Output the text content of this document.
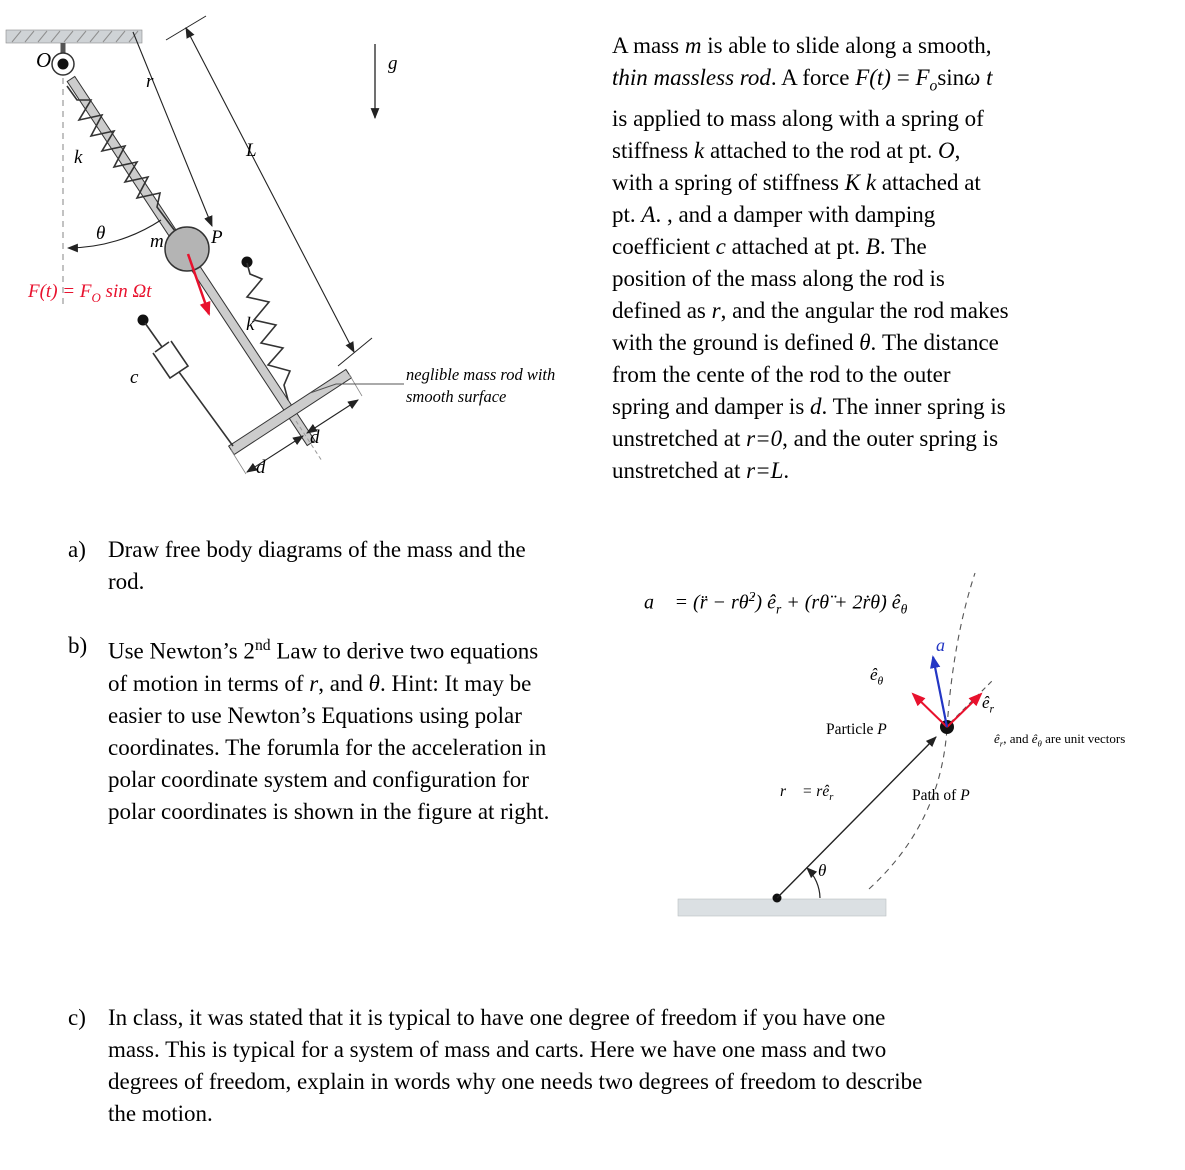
O
r
g
k	L
θ m P
$F(t) = F_O$ sin Ωt
k
c
d
d
neglible mass rod with
smooth surface
A mass m is able to slide along a smooth,
thin massless rod. A force $F(t) = F_o\sin\omega$ t
is applied to mass along with a spring of
stiffness k attached to the rod at pt. O,
with a spring of stiffness K k attached at
pt. A. , and a damper with damping
coefficient c attached at pt. B. The
position of the mass along the rod is
defined as r, and the angular the rod makes
with the ground is defined θ. The distance
from the cente of the rod to the outer
spring and damper is d. The inner spring is
unstretched at r=0, and the outer spring is
unstretched at r=L.
a) Draw free body diagrams of the mass and the
rod.
b) Use Newton’s 2nd Law to derive two equations
of motion in terms of r, and θ. Hint: It may be
easier to use Newton’s Equations using polar
coordinates. The forumla for the acceleration in
polar coordinate system and configuration for
polar coordinates is shown in the figure at right.
a⃗ = (r̈ − rθ̇$^2$) $ê_r$ + (rθ̈ + 2ṙθ̇) $ê_\theta$
$ê_\theta$
a⃗
$ê_r$
Particle P
$ê_r$, and $ê_\theta$ are unit vectors
r⃗ = $rê_r$	Path of P
θ
c) In class, it was stated that it is typical to have one degree of freedom if you have one
mass. This is typical for a system of mass and carts. Here we have one mass and two
degrees of freedom, explain in words why one needs two degrees of freedom to describe
the motion.
